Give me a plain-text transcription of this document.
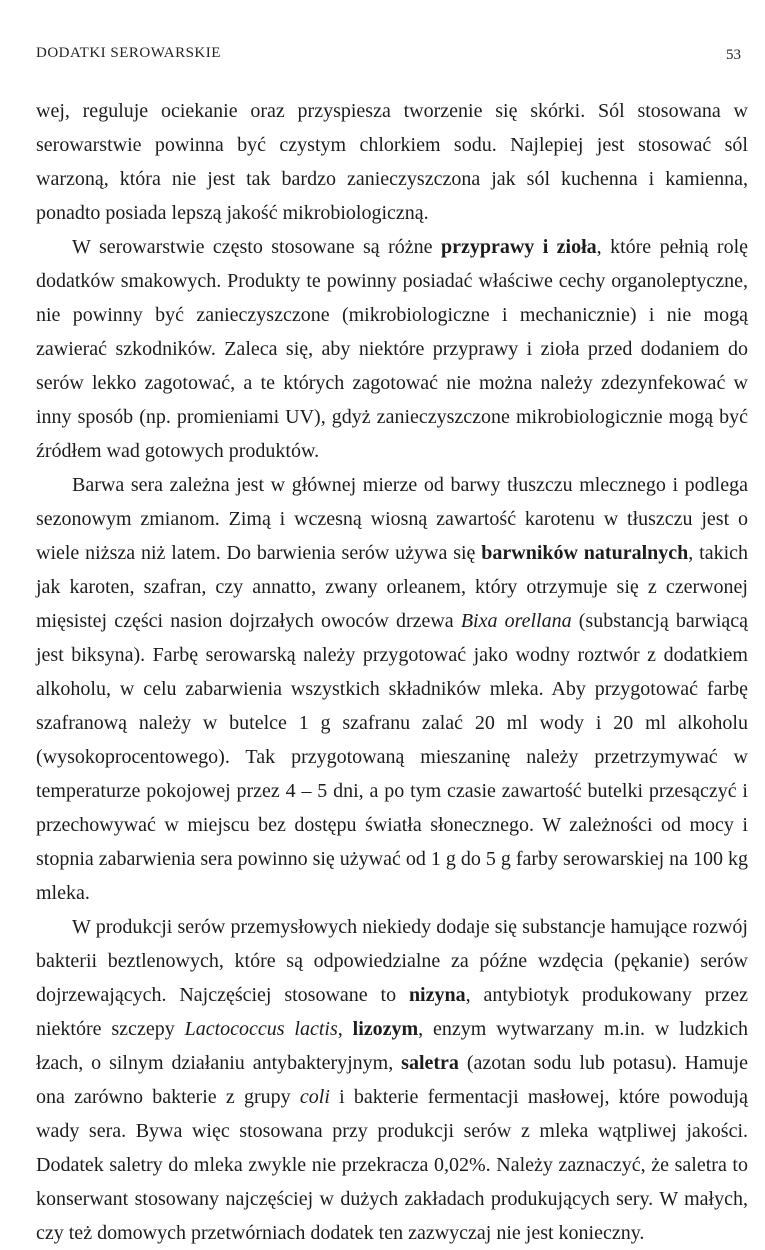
DODATKI SEROWARSKIE	53

wej, reguluje ociekanie oraz przyspiesza tworzenie się skórki. Sól stosowana w serowarstwie powinna być czystym chlorkiem sodu. Najlepiej jest stosować sól warzoną, która nie jest tak bardzo zanieczyszczona jak sól kuchenna i kamienna, ponadto posiada lepszą jakość mikrobiologiczną.

W serowarstwie często stosowane są różne przyprawy i zioła, które pełnią rolę dodatków smakowych. Produkty te powinny posiadać właściwe cechy organoleptyczne, nie powinny być zanieczyszczone (mikrobiologiczne i mechanicznie) i nie mogą zawierać szkodników. Zaleca się, aby niektóre przyprawy i zioła przed dodaniem do serów lekko zagotować, a te których zagotować nie można należy zdezynfekować w inny sposób (np. promieniami UV), gdyż zanieczyszczone mikrobiologicznie mogą być źródłem wad gotowych produktów.

Barwa sera zależna jest w głównej mierze od barwy tłuszczu mlecznego i podlega sezonowym zmianom. Zimą i wczesną wiosną zawartość karotenu w tłuszczu jest o wiele niższa niż latem. Do barwienia serów używa się barwników naturalnych, takich jak karoten, szafran, czy annatto, zwany orleanem, który otrzymuje się z czerwonej mięsistej części nasion dojrzałych owoców drzewa Bixa orellana (substancją barwiącą jest biksyna). Farbę serowarską należy przygotować jako wodny roztwór z dodatkiem alkoholu, w celu zabarwienia wszystkich składników mleka. Aby przygotować farbę szafranową należy w butelce 1 g szafranu zalać 20 ml wody i 20 ml alkoholu (wysokoprocentowego). Tak przygotowaną mieszaninę należy przetrzymywać w temperaturze pokojowej przez 4 – 5 dni, a po tym czasie zawartość butelki przesączyć i przechowywać w miejscu bez dostępu światła słonecznego. W zależności od mocy i stopnia zabarwienia sera powinno się używać od 1 g do 5 g farby serowarskiej na 100 kg mleka.

W produkcji serów przemysłowych niekiedy dodaje się substancje hamujące rozwój bakterii beztlenowych, które są odpowiedzialne za późne wzdęcia (pękanie) serów dojrzewających. Najczęściej stosowane to nizyna, antybiotyk produkowany przez niektóre szczepy Lactococcus lactis, lizozym, enzym wytwarzany m.in. w ludzkich łzach, o silnym działaniu antybakteryjnym, saletra (azotan sodu lub potasu). Hamuje ona zarówno bakterie z grupy coli i bakterie fermentacji masłowej, które powodują wady sera. Bywa więc stosowana przy produkcji serów z mleka wątpliwej jakości. Dodatek saletry do mleka zwykle nie przekracza 0,02%. Należy zaznaczyć, że saletra to konserwant stosowany najczęściej w dużych zakładach produkujących sery. W małych, czy też domowych przetwórniach dodatek ten zazwyczaj nie jest konieczny.
